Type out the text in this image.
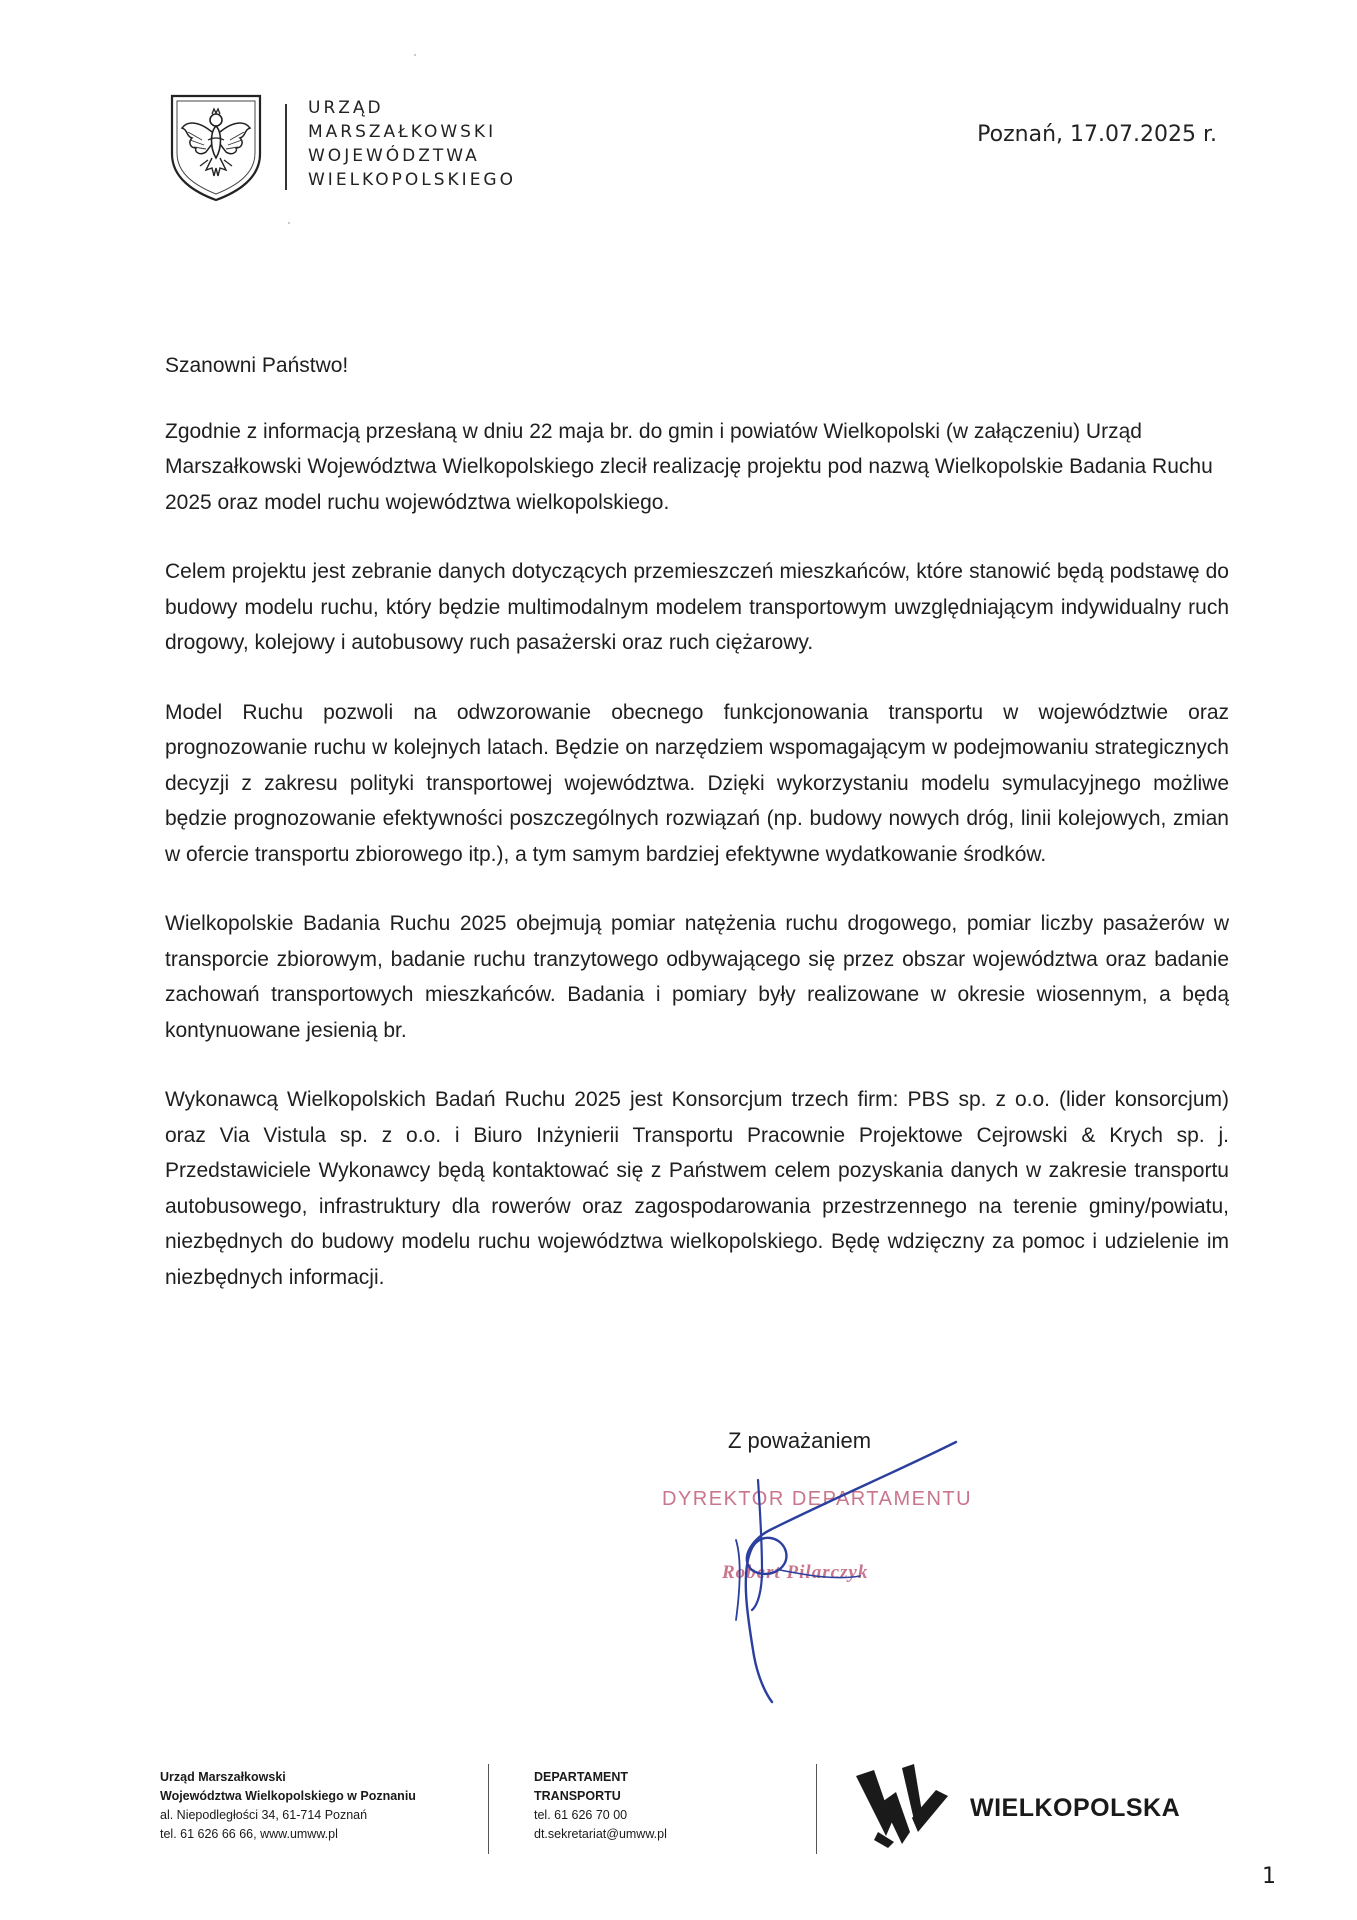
URZĄD
MARSZAŁKOWSKI
WOJEWÓDZTWA
WIELKOPOLSKIEGO
Poznań, 17.07.2025 r.

Szanowni Państwo!

Zgodnie z informacją przesłaną w dniu 22 maja br. do gmin i powiatów Wielkopolski (w załączeniu) Urząd Marszałkowski Województwa Wielkopolskiego zlecił realizację projektu pod nazwą Wielkopolskie Badania Ruchu 2025 oraz model ruchu województwa wielkopolskiego.

Celem projektu jest zebranie danych dotyczących przemieszczeń mieszkańców, które stanowić będą podstawę do budowy modelu ruchu, który będzie multimodalnym modelem transportowym uwzględniającym indywidualny ruch drogowy, kolejowy i autobusowy ruch pasażerski oraz ruch ciężarowy.

Model Ruchu pozwoli na odwzorowanie obecnego funkcjonowania transportu w województwie oraz prognozowanie ruchu w kolejnych latach. Będzie on narzędziem wspomagającym w podejmowaniu strategicznych decyzji z zakresu polityki transportowej województwa. Dzięki wykorzystaniu modelu symulacyjnego możliwe będzie prognozowanie efektywności poszczególnych rozwiązań (np. budowy nowych dróg, linii kolejowych, zmian w ofercie transportu zbiorowego itp.), a tym samym bardziej efektywne wydatkowanie środków.

Wielkopolskie Badania Ruchu 2025 obejmują pomiar natężenia ruchu drogowego, pomiar liczby pasażerów w transporcie zbiorowym, badanie ruchu tranzytowego odbywającego się przez obszar województwa oraz badanie zachowań transportowych mieszkańców. Badania i pomiary były realizowane w okresie wiosennym, a będą kontynuowane jesienią br.

Wykonawcą Wielkopolskich Badań Ruchu 2025 jest Konsorcjum trzech firm: PBS sp. z o.o. (lider konsorcjum) oraz Via Vistula sp. z o.o. i Biuro Inżynierii Transportu Pracownie Projektowe Cejrowski & Krych sp. j. Przedstawiciele Wykonawcy będą kontaktować się z Państwem celem pozyskania danych w zakresie transportu autobusowego, infrastruktury dla rowerów oraz zagospodarowania przestrzennego na terenie gminy/powiatu, niezbędnych do budowy modelu ruchu województwa wielkopolskiego. Będę wdzięczny za pomoc i udzielenie im niezbędnych informacji.

Z poważaniem
DYREKTOR DEPARTAMENTU
Robert Pilarczyk
Urząd Marszałkowski
Województwa Wielkopolskiego w Poznaniu
al. Niepodległości 34, 61-714 Poznań
tel. 61 626 66 66, www.umww.pl
DEPARTAMENT
TRANSPORTU
tel. 61 626 70 00
dt.sekretariat@umww.pl
WIELKOPOLSKA
1
